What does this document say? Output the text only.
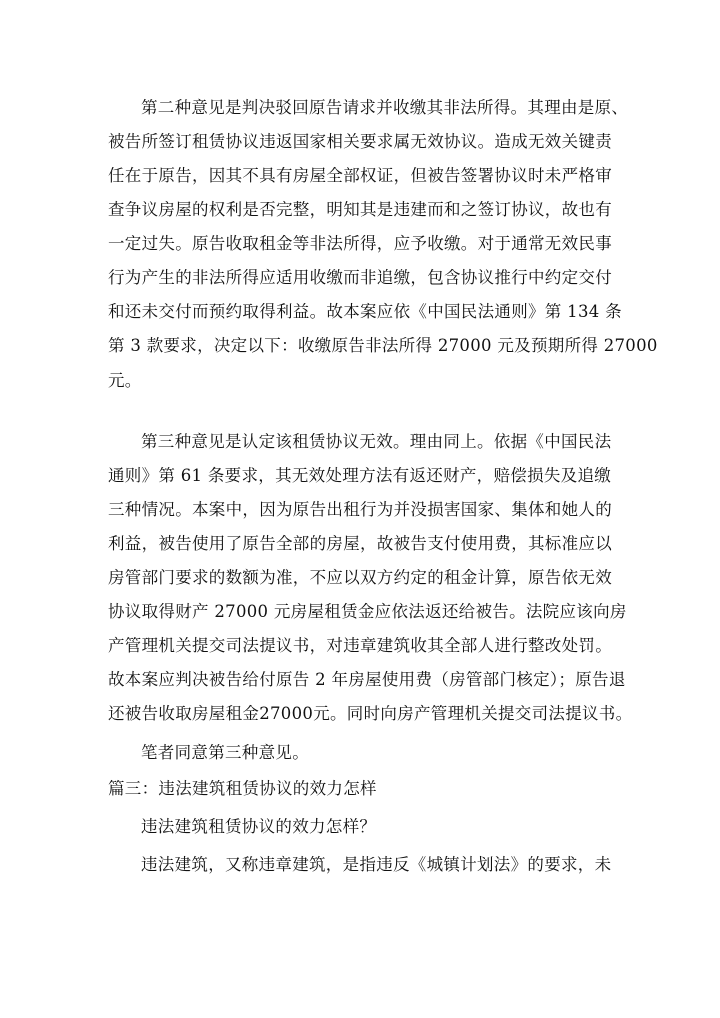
第二种意见是判决驳回原告请求并收缴其非法所得。其理由是原、
被告所签订租赁协议违返国家相关要求属无效协议。造成无效关键责
任在于原告，因其不具有房屋全部权证，但被告签署协议时未严格审
查争议房屋的权利是否完整，明知其是违建而和之签订协议，故也有
一定过失。原告收取租金等非法所得，应予收缴。对于通常无效民事
行为产生的非法所得应适用收缴而非追缴，包含协议推行中约定交付
和还未交付而预约取得利益。故本案应依《中国民法通则》第 134 条
第 3 款要求，决定以下：收缴原告非法所得 27000 元及预期所得 27000
元。
第三种意见是认定该租赁协议无效。理由同上。依据《中国民法
通则》第 61 条要求，其无效处理方法有返还财产，赔偿损失及追缴
三种情况。本案中，因为原告出租行为并没损害国家、集体和她人的
利益，被告使用了原告全部的房屋，故被告支付使用费，其标准应以
房管部门要求的数额为准，不应以双方约定的租金计算，原告依无效
协议取得财产 27000 元房屋租赁金应依法返还给被告。法院应该向房
产管理机关提交司法提议书，对违章建筑收其全部人进行整改处罚。
故本案应判决被告给付原告 2 年房屋使用费（房管部门核定）；原告退
还被告收取房屋租金27000元。同时向房产管理机关提交司法提议书。
笔者同意第三种意见。
篇三：违法建筑租赁协议的效力怎样
违法建筑租赁协议的效力怎样？
违法建筑，又称违章建筑，是指违反《城镇计划法》的要求，未
